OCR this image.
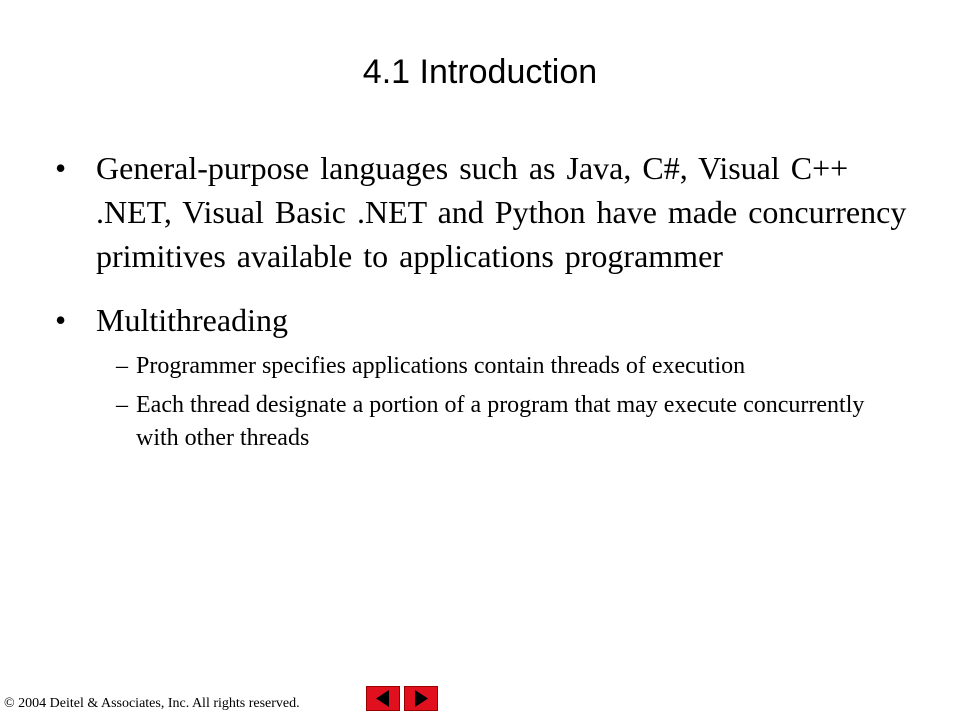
4.1 Introduction
• General-purpose languages such as Java, C#, Visual C++ .NET, Visual Basic .NET and Python have made concurrency primitives available to applications programmer
• Multithreading
– Programmer specifies applications contain threads of execution
– Each thread designate a portion of a program that may execute concurrently with other threads
© 2004 Deitel & Associates, Inc. All rights reserved.
